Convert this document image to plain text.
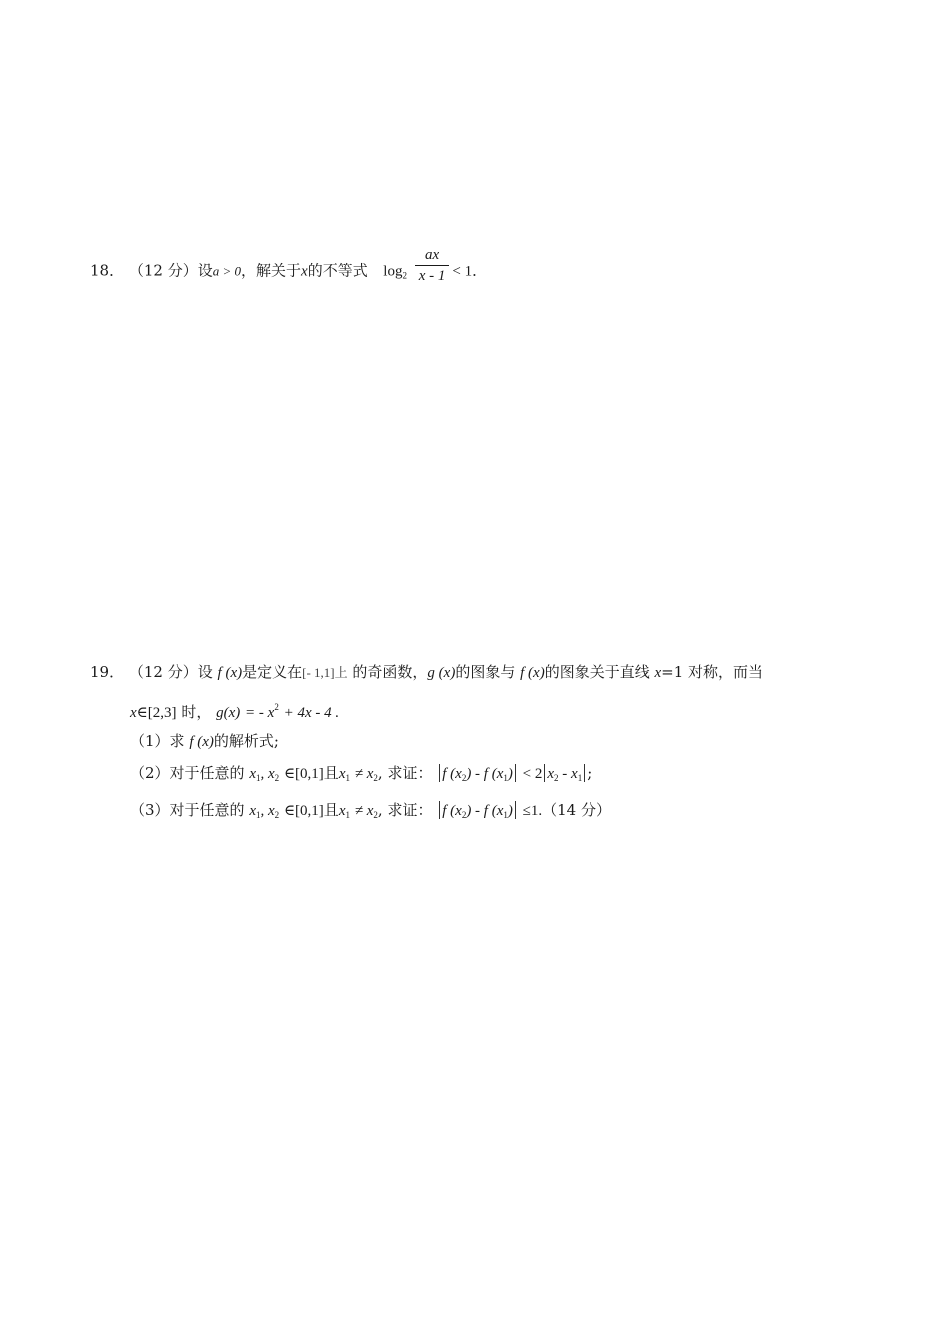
18． （12 分）设a > 0，解关于x的不等式 $\log_2 \frac{ax}{x - 1} < 1$．
19． （12 分）设 f (x)是定义在[- 1,1]上 的奇函数，g (x)的图象与 f (x)的图象关于直线 x=1 对称，而当
x∈[2,3] 时， g(x) = - $x^2 + 4x - 4$ .
（1）求 f (x)的解析式;
（2）对于任意的 $x_1$, $x_2$ ∈[0,1]且$x_1 \ne x_2$, 求证： f $(x_2)$ - f $(x_1) < 2$ $x_2 - x_1$ ;
（3）对于任意的 $x_1$, $x_2$ ∈[0,1]且$x_1 \ne x_2$, 求证： f $(x_2)$ - f $(x_1) \le 1.(14$ 分）
